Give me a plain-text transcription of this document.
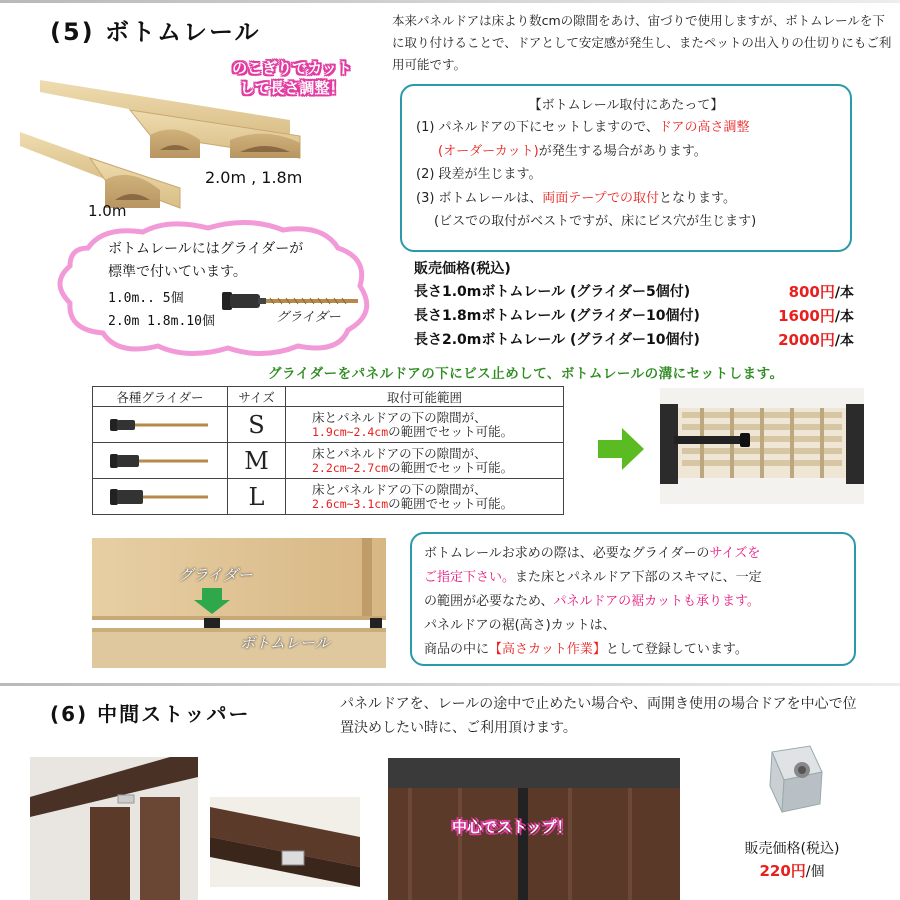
(5) ボトムレール	本来パネルドアは床より数cmの隙間をあけ、宙づりで使用しますが、ボトムレールを下に取り付けることで、ドアとして安定感が発生し、またペットの出入りの仕切りにもご利用可能です。
のこぎりでカット
して長さ調整！
2.0m , 1.8m
1.0m
ボトムレールにはグライダーが
標準で付いています。
1.0m.. 5個
2.0m 1.8m.10個	グライダー
【ボトムレール取付にあたって】
(1) パネルドアの下にセットしますので、ドアの高さ調整
(オーダーカット)が発生する場合があります。
(2) 段差が生じます。
(3) ボトムレールは、両面テープでの取付となります。
(ビスでの取付がベストですが、床にビス穴が生じます)
販売価格(税込)
長さ1.0mボトムレール (グライダー5個付)	800円/本
長さ1.8mボトムレール (グライダー10個付)	1600円/本
長さ2.0mボトムレール (グライダー10個付)	2000円/本
グライダーをパネルドアの下にビス止めして、ボトムレールの溝にセットします。
各種グライダー	サイズ	取付可能範囲

	S	床とパネルドアの下の隙間が、
1.9cm~2.4cmの範囲でセット可能。

	M	床とパネルドアの下の隙間が、
2.2cm~2.7cmの範囲でセット可能。

	L	床とパネルドアの下の隙間が、
2.6cm~3.1cmの範囲でセット可能。
グライダー
ボトムレール
ボトムレールお求めの際は、必要なグライダーのサイズを
ご指定下さい。また床とパネルドア下部のスキマに、一定
の範囲が必要なため、パネルドアの裾カットも承ります。
パネルドアの裾(高さ)カットは、
商品の中に【高さカット作業】として登録しています。
(6) 中間ストッパー	パネルドアを、レールの途中で止めたい場合や、両開き使用の場合ドアを中心で位置決めしたい時に、ご利用頂けます。
中心でストップ！
販売価格(税込)
220円/個
